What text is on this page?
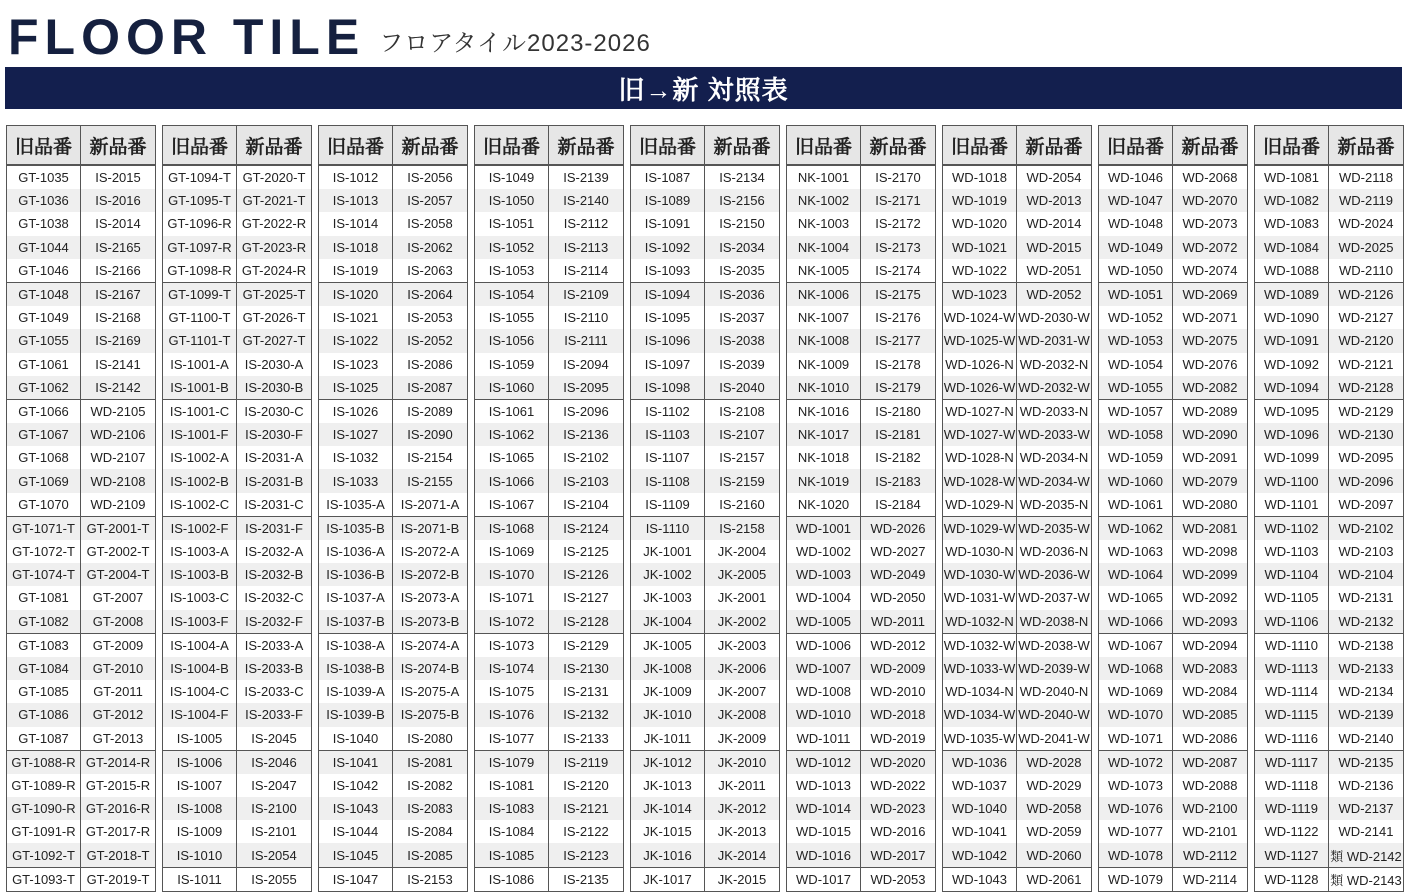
FLOOR TILE フロアタイル2023-2026
旧→新 対照表
旧品番	新品番
GT-1035	IS-2015
GT-1036	IS-2016
GT-1038	IS-2014
GT-1044	IS-2165
GT-1046	IS-2166
GT-1048	IS-2167
GT-1049	IS-2168
GT-1055	IS-2169
GT-1061	IS-2141
GT-1062	IS-2142
GT-1066	WD-2105
GT-1067	WD-2106
GT-1068	WD-2107
GT-1069	WD-2108
GT-1070	WD-2109
GT-1071-T	GT-2001-T
GT-1072-T	GT-2002-T
GT-1074-T	GT-2004-T
GT-1081	GT-2007
GT-1082	GT-2008
GT-1083	GT-2009
GT-1084	GT-2010
GT-1085	GT-2011
GT-1086	GT-2012
GT-1087	GT-2013
GT-1088-R	GT-2014-R
GT-1089-R	GT-2015-R
GT-1090-R	GT-2016-R
GT-1091-R	GT-2017-R
GT-1092-T	GT-2018-T
GT-1093-T	GT-2019-T
旧品番	新品番
GT-1094-T	GT-2020-T
GT-1095-T	GT-2021-T
GT-1096-R	GT-2022-R
GT-1097-R	GT-2023-R
GT-1098-R	GT-2024-R
GT-1099-T	GT-2025-T
GT-1100-T	GT-2026-T
GT-1101-T	GT-2027-T
IS-1001-A	IS-2030-A
IS-1001-B	IS-2030-B
IS-1001-C	IS-2030-C
IS-1001-F	IS-2030-F
IS-1002-A	IS-2031-A
IS-1002-B	IS-2031-B
IS-1002-C	IS-2031-C
IS-1002-F	IS-2031-F
IS-1003-A	IS-2032-A
IS-1003-B	IS-2032-B
IS-1003-C	IS-2032-C
IS-1003-F	IS-2032-F
IS-1004-A	IS-2033-A
IS-1004-B	IS-2033-B
IS-1004-C	IS-2033-C
IS-1004-F	IS-2033-F
IS-1005	IS-2045
IS-1006	IS-2046
IS-1007	IS-2047
IS-1008	IS-2100
IS-1009	IS-2101
IS-1010	IS-2054
IS-1011	IS-2055
旧品番	新品番
IS-1012	IS-2056
IS-1013	IS-2057
IS-1014	IS-2058
IS-1018	IS-2062
IS-1019	IS-2063
IS-1020	IS-2064
IS-1021	IS-2053
IS-1022	IS-2052
IS-1023	IS-2086
IS-1025	IS-2087
IS-1026	IS-2089
IS-1027	IS-2090
IS-1032	IS-2154
IS-1033	IS-2155
IS-1035-A	IS-2071-A
IS-1035-B	IS-2071-B
IS-1036-A	IS-2072-A
IS-1036-B	IS-2072-B
IS-1037-A	IS-2073-A
IS-1037-B	IS-2073-B
IS-1038-A	IS-2074-A
IS-1038-B	IS-2074-B
IS-1039-A	IS-2075-A
IS-1039-B	IS-2075-B
IS-1040	IS-2080
IS-1041	IS-2081
IS-1042	IS-2082
IS-1043	IS-2083
IS-1044	IS-2084
IS-1045	IS-2085
IS-1047	IS-2153
旧品番	新品番
IS-1049	IS-2139
IS-1050	IS-2140
IS-1051	IS-2112
IS-1052	IS-2113
IS-1053	IS-2114
IS-1054	IS-2109
IS-1055	IS-2110
IS-1056	IS-2111
IS-1059	IS-2094
IS-1060	IS-2095
IS-1061	IS-2096
IS-1062	IS-2136
IS-1065	IS-2102
IS-1066	IS-2103
IS-1067	IS-2104
IS-1068	IS-2124
IS-1069	IS-2125
IS-1070	IS-2126
IS-1071	IS-2127
IS-1072	IS-2128
IS-1073	IS-2129
IS-1074	IS-2130
IS-1075	IS-2131
IS-1076	IS-2132
IS-1077	IS-2133
IS-1079	IS-2119
IS-1081	IS-2120
IS-1083	IS-2121
IS-1084	IS-2122
IS-1085	IS-2123
IS-1086	IS-2135
旧品番	新品番
IS-1087	IS-2134
IS-1089	IS-2156
IS-1091	IS-2150
IS-1092	IS-2034
IS-1093	IS-2035
IS-1094	IS-2036
IS-1095	IS-2037
IS-1096	IS-2038
IS-1097	IS-2039
IS-1098	IS-2040
IS-1102	IS-2108
IS-1103	IS-2107
IS-1107	IS-2157
IS-1108	IS-2159
IS-1109	IS-2160
IS-1110	IS-2158
JK-1001	JK-2004
JK-1002	JK-2005
JK-1003	JK-2001
JK-1004	JK-2002
JK-1005	JK-2003
JK-1008	JK-2006
JK-1009	JK-2007
JK-1010	JK-2008
JK-1011	JK-2009
JK-1012	JK-2010
JK-1013	JK-2011
JK-1014	JK-2012
JK-1015	JK-2013
JK-1016	JK-2014
JK-1017	JK-2015
旧品番	新品番
NK-1001	IS-2170
NK-1002	IS-2171
NK-1003	IS-2172
NK-1004	IS-2173
NK-1005	IS-2174
NK-1006	IS-2175
NK-1007	IS-2176
NK-1008	IS-2177
NK-1009	IS-2178
NK-1010	IS-2179
NK-1016	IS-2180
NK-1017	IS-2181
NK-1018	IS-2182
NK-1019	IS-2183
NK-1020	IS-2184
WD-1001	WD-2026
WD-1002	WD-2027
WD-1003	WD-2049
WD-1004	WD-2050
WD-1005	WD-2011
WD-1006	WD-2012
WD-1007	WD-2009
WD-1008	WD-2010
WD-1010	WD-2018
WD-1011	WD-2019
WD-1012	WD-2020
WD-1013	WD-2022
WD-1014	WD-2023
WD-1015	WD-2016
WD-1016	WD-2017
WD-1017	WD-2053
旧品番	新品番
WD-1018	WD-2054
WD-1019	WD-2013
WD-1020	WD-2014
WD-1021	WD-2015
WD-1022	WD-2051
WD-1023	WD-2052
WD-1024-W	WD-2030-W
WD-1025-W	WD-2031-W
WD-1026-N	WD-2032-N
WD-1026-W	WD-2032-W
WD-1027-N	WD-2033-N
WD-1027-W	WD-2033-W
WD-1028-N	WD-2034-N
WD-1028-W	WD-2034-W
WD-1029-N	WD-2035-N
WD-1029-W	WD-2035-W
WD-1030-N	WD-2036-N
WD-1030-W	WD-2036-W
WD-1031-W	WD-2037-W
WD-1032-N	WD-2038-N
WD-1032-W	WD-2038-W
WD-1033-W	WD-2039-W
WD-1034-N	WD-2040-N
WD-1034-W	WD-2040-W
WD-1035-W	WD-2041-W
WD-1036	WD-2028
WD-1037	WD-2029
WD-1040	WD-2058
WD-1041	WD-2059
WD-1042	WD-2060
WD-1043	WD-2061
旧品番	新品番
WD-1046	WD-2068
WD-1047	WD-2070
WD-1048	WD-2073
WD-1049	WD-2072
WD-1050	WD-2074
WD-1051	WD-2069
WD-1052	WD-2071
WD-1053	WD-2075
WD-1054	WD-2076
WD-1055	WD-2082
WD-1057	WD-2089
WD-1058	WD-2090
WD-1059	WD-2091
WD-1060	WD-2079
WD-1061	WD-2080
WD-1062	WD-2081
WD-1063	WD-2098
WD-1064	WD-2099
WD-1065	WD-2092
WD-1066	WD-2093
WD-1067	WD-2094
WD-1068	WD-2083
WD-1069	WD-2084
WD-1070	WD-2085
WD-1071	WD-2086
WD-1072	WD-2087
WD-1073	WD-2088
WD-1076	WD-2100
WD-1077	WD-2101
WD-1078	WD-2112
WD-1079	WD-2114
旧品番	新品番
WD-1081	WD-2118
WD-1082	WD-2119
WD-1083	WD-2024
WD-1084	WD-2025
WD-1088	WD-2110
WD-1089	WD-2126
WD-1090	WD-2127
WD-1091	WD-2120
WD-1092	WD-2121
WD-1094	WD-2128
WD-1095	WD-2129
WD-1096	WD-2130
WD-1099	WD-2095
WD-1100	WD-2096
WD-1101	WD-2097
WD-1102	WD-2102
WD-1103	WD-2103
WD-1104	WD-2104
WD-1105	WD-2131
WD-1106	WD-2132
WD-1110	WD-2138
WD-1113	WD-2133
WD-1114	WD-2134
WD-1115	WD-2139
WD-1116	WD-2140
WD-1117	WD-2135
WD-1118	WD-2136
WD-1119	WD-2137
WD-1122	WD-2141
WD-1127	類 WD-2142
WD-1128	類 WD-2143
